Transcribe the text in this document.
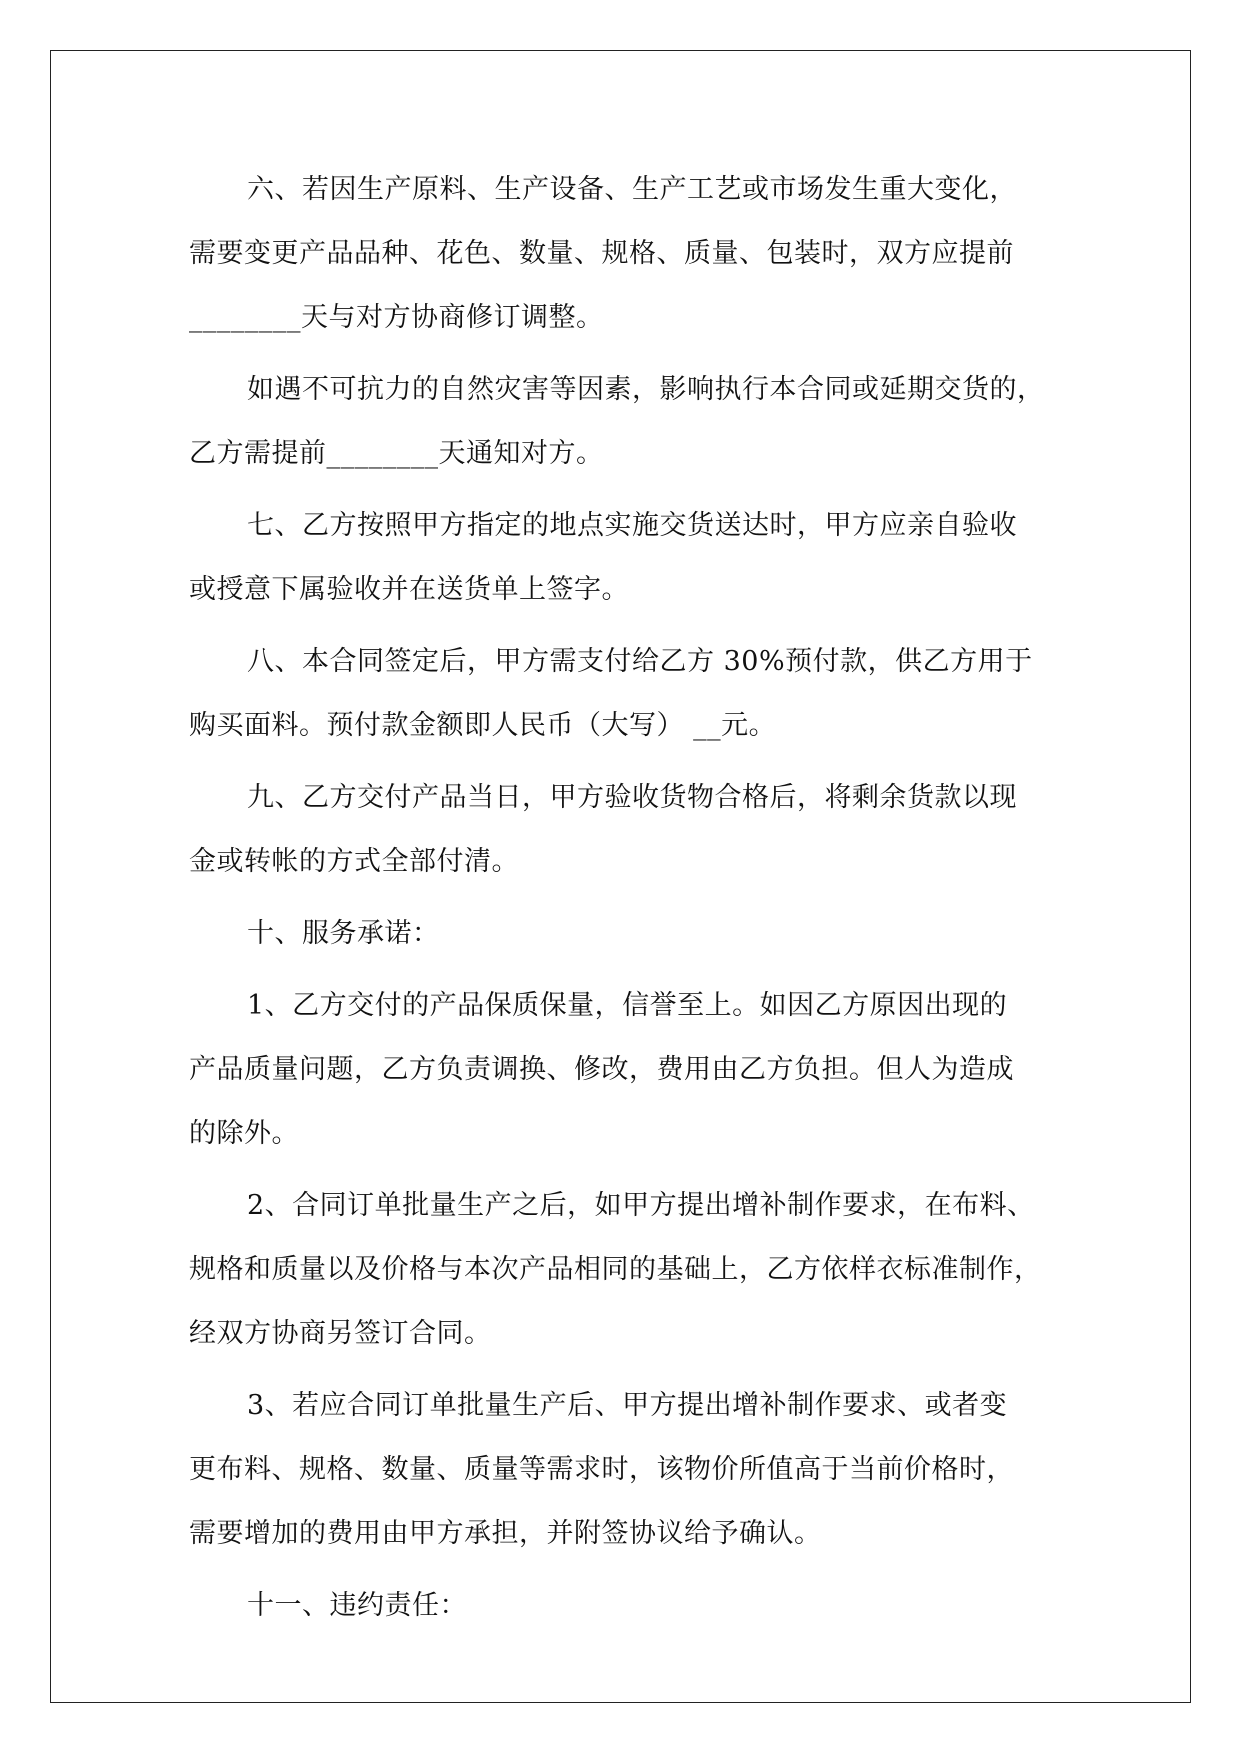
六、若因生产原料、生产设备、生产工艺或市场发生重大变化，
需要变更产品品种、花色、数量、规格、质量、包装时，双方应提前
________天与对方协商修订调整。

如遇不可抗力的自然灾害等因素，影响执行本合同或延期交货的，
乙方需提前________天通知对方。

七、乙方按照甲方指定的地点实施交货送达时，甲方应亲自验收
或授意下属验收并在送货单上签字。

八、本合同签定后，甲方需支付给乙方 30%预付款，供乙方用于
购买面料。预付款金额即人民币（大写） __元。

九、乙方交付产品当日，甲方验收货物合格后，将剩余货款以现
金或转帐的方式全部付清。

十、服务承诺：

1、乙方交付的产品保质保量，信誉至上。如因乙方原因出现的
产品质量问题，乙方负责调换、修改，费用由乙方负担。但人为造成
的除外。

2、合同订单批量生产之后，如甲方提出增补制作要求，在布料、
规格和质量以及价格与本次产品相同的基础上，乙方依样衣标准制作，
经双方协商另签订合同。

3、若应合同订单批量生产后、甲方提出增补制作要求、或者变
更布料、规格、数量、质量等需求时，该物价所值高于当前价格时，
需要增加的费用由甲方承担，并附签协议给予确认。

十一、违约责任：
